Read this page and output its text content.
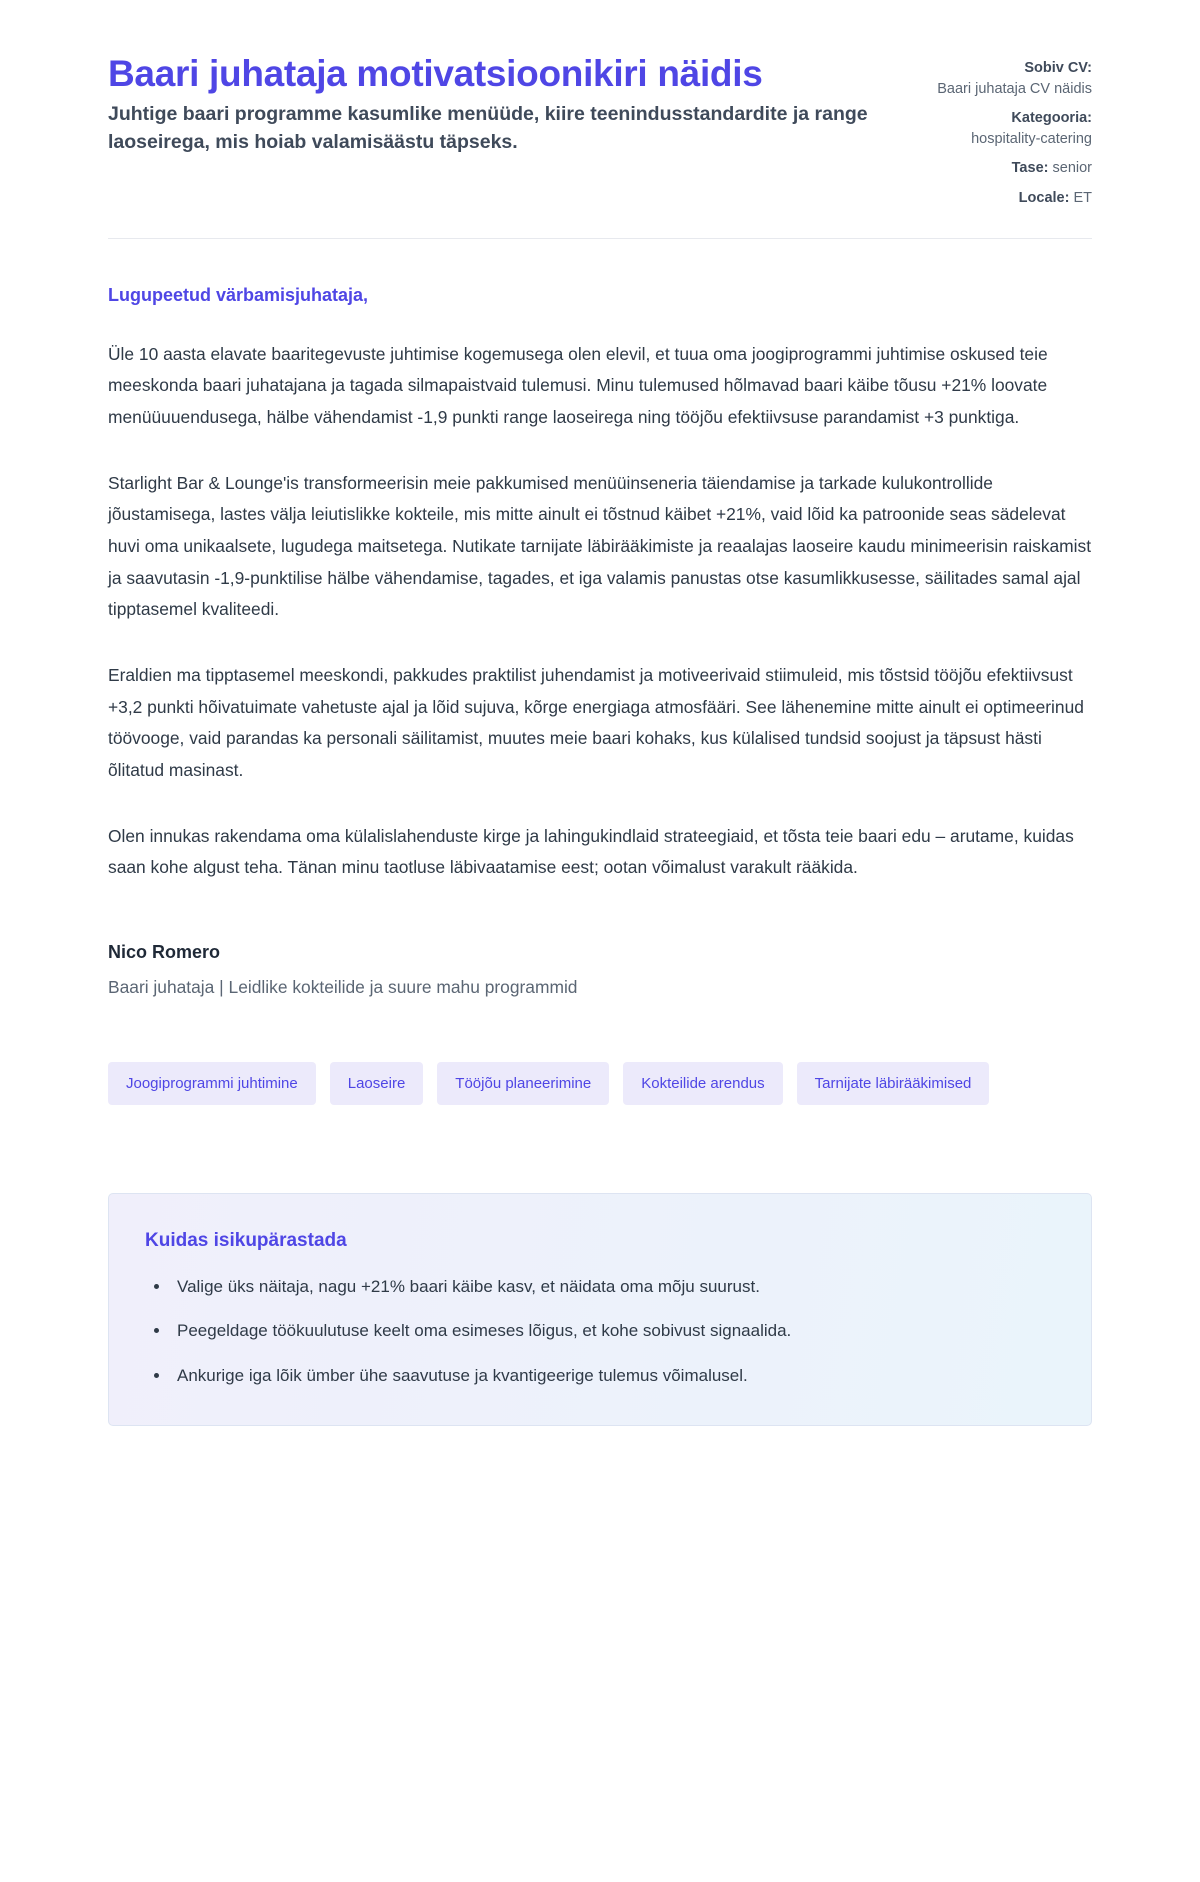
Baari juhataja motivatsioonikiri näidis

Juhtige baari programme kasumlike menüüde, kiire teenindusstandardite ja range laoseirega, mis hoiab valamisäästu täpseks.

Sobiv CV:
Baari juhataja CV näidis
Kategooria:
hospitality-catering
Tase: senior
Locale: ET

Lugupeetud värbamisjuhataja,

Üle 10 aasta elavate baaritegevuste juhtimise kogemusega olen elevil, et tuua oma joogiprogrammi juhtimise oskused teie meeskonda baari juhatajana ja tagada silmapaistvaid tulemusi. Minu tulemused hõlmavad baari käibe tõusu +21% loovate menüüuuendusega, hälbe vähendamist -1,9 punkti range laoseirega ning tööjõu efektiivsuse parandamist +3 punktiga.

Starlight Bar & Lounge'is transformeerisin meie pakkumised menüüinseneria täiendamise ja tarkade kulukontrollide jõustamisega, lastes välja leiutislikke kokteile, mis mitte ainult ei tõstnud käibet +21%, vaid lõid ka patroonide seas sädelevat huvi oma unikaalsete, lugudega maitsetega. Nutikate tarnijate läbirääkimiste ja reaalajas laoseire kaudu minimeerisin raiskamist ja saavutasin -1,9-punktilise hälbe vähendamise, tagades, et iga valamis panustas otse kasumlikkusesse, säilitades samal ajal tipptasemel kvaliteedi.

Eraldien ma tipptasemel meeskondi, pakkudes praktilist juhendamist ja motiveerivaid stiimuleid, mis tõstsid tööjõu efektiivsust +3,2 punkti hõivatuimate vahetuste ajal ja lõid sujuva, kõrge energiaga atmosfääri. See lähenemine mitte ainult ei optimeerinud töövooge, vaid parandas ka personali säilitamist, muutes meie baari kohaks, kus külalised tundsid soojust ja täpsust hästi õlitatud masinast.

Olen innukas rakendama oma külalislahenduste kirge ja lahingukindlaid strateegiaid, et tõsta teie baari edu – arutame, kuidas saan kohe algust teha. Tänan minu taotluse läbivaatamise eest; ootan võimalust varakult rääkida.

Nico Romero

Baari juhataja | Leidlike kokteilide ja suure mahu programmid

Joogiprogrammi juhtimine	Laoseire	Tööjõu planeerimine	Kokteilide arendus	Tarnijate läbirääkimised
Kuidas isikupärastada
• Valige üks näitaja, nagu +21% baari käibe kasv, et näidata oma mõju suurust.
• Peegeldage töökuulutuse keelt oma esimeses lõigus, et kohe sobivust signaalida.
• Ankurige iga lõik ümber ühe saavutuse ja kvantigeerige tulemus võimalusel.
